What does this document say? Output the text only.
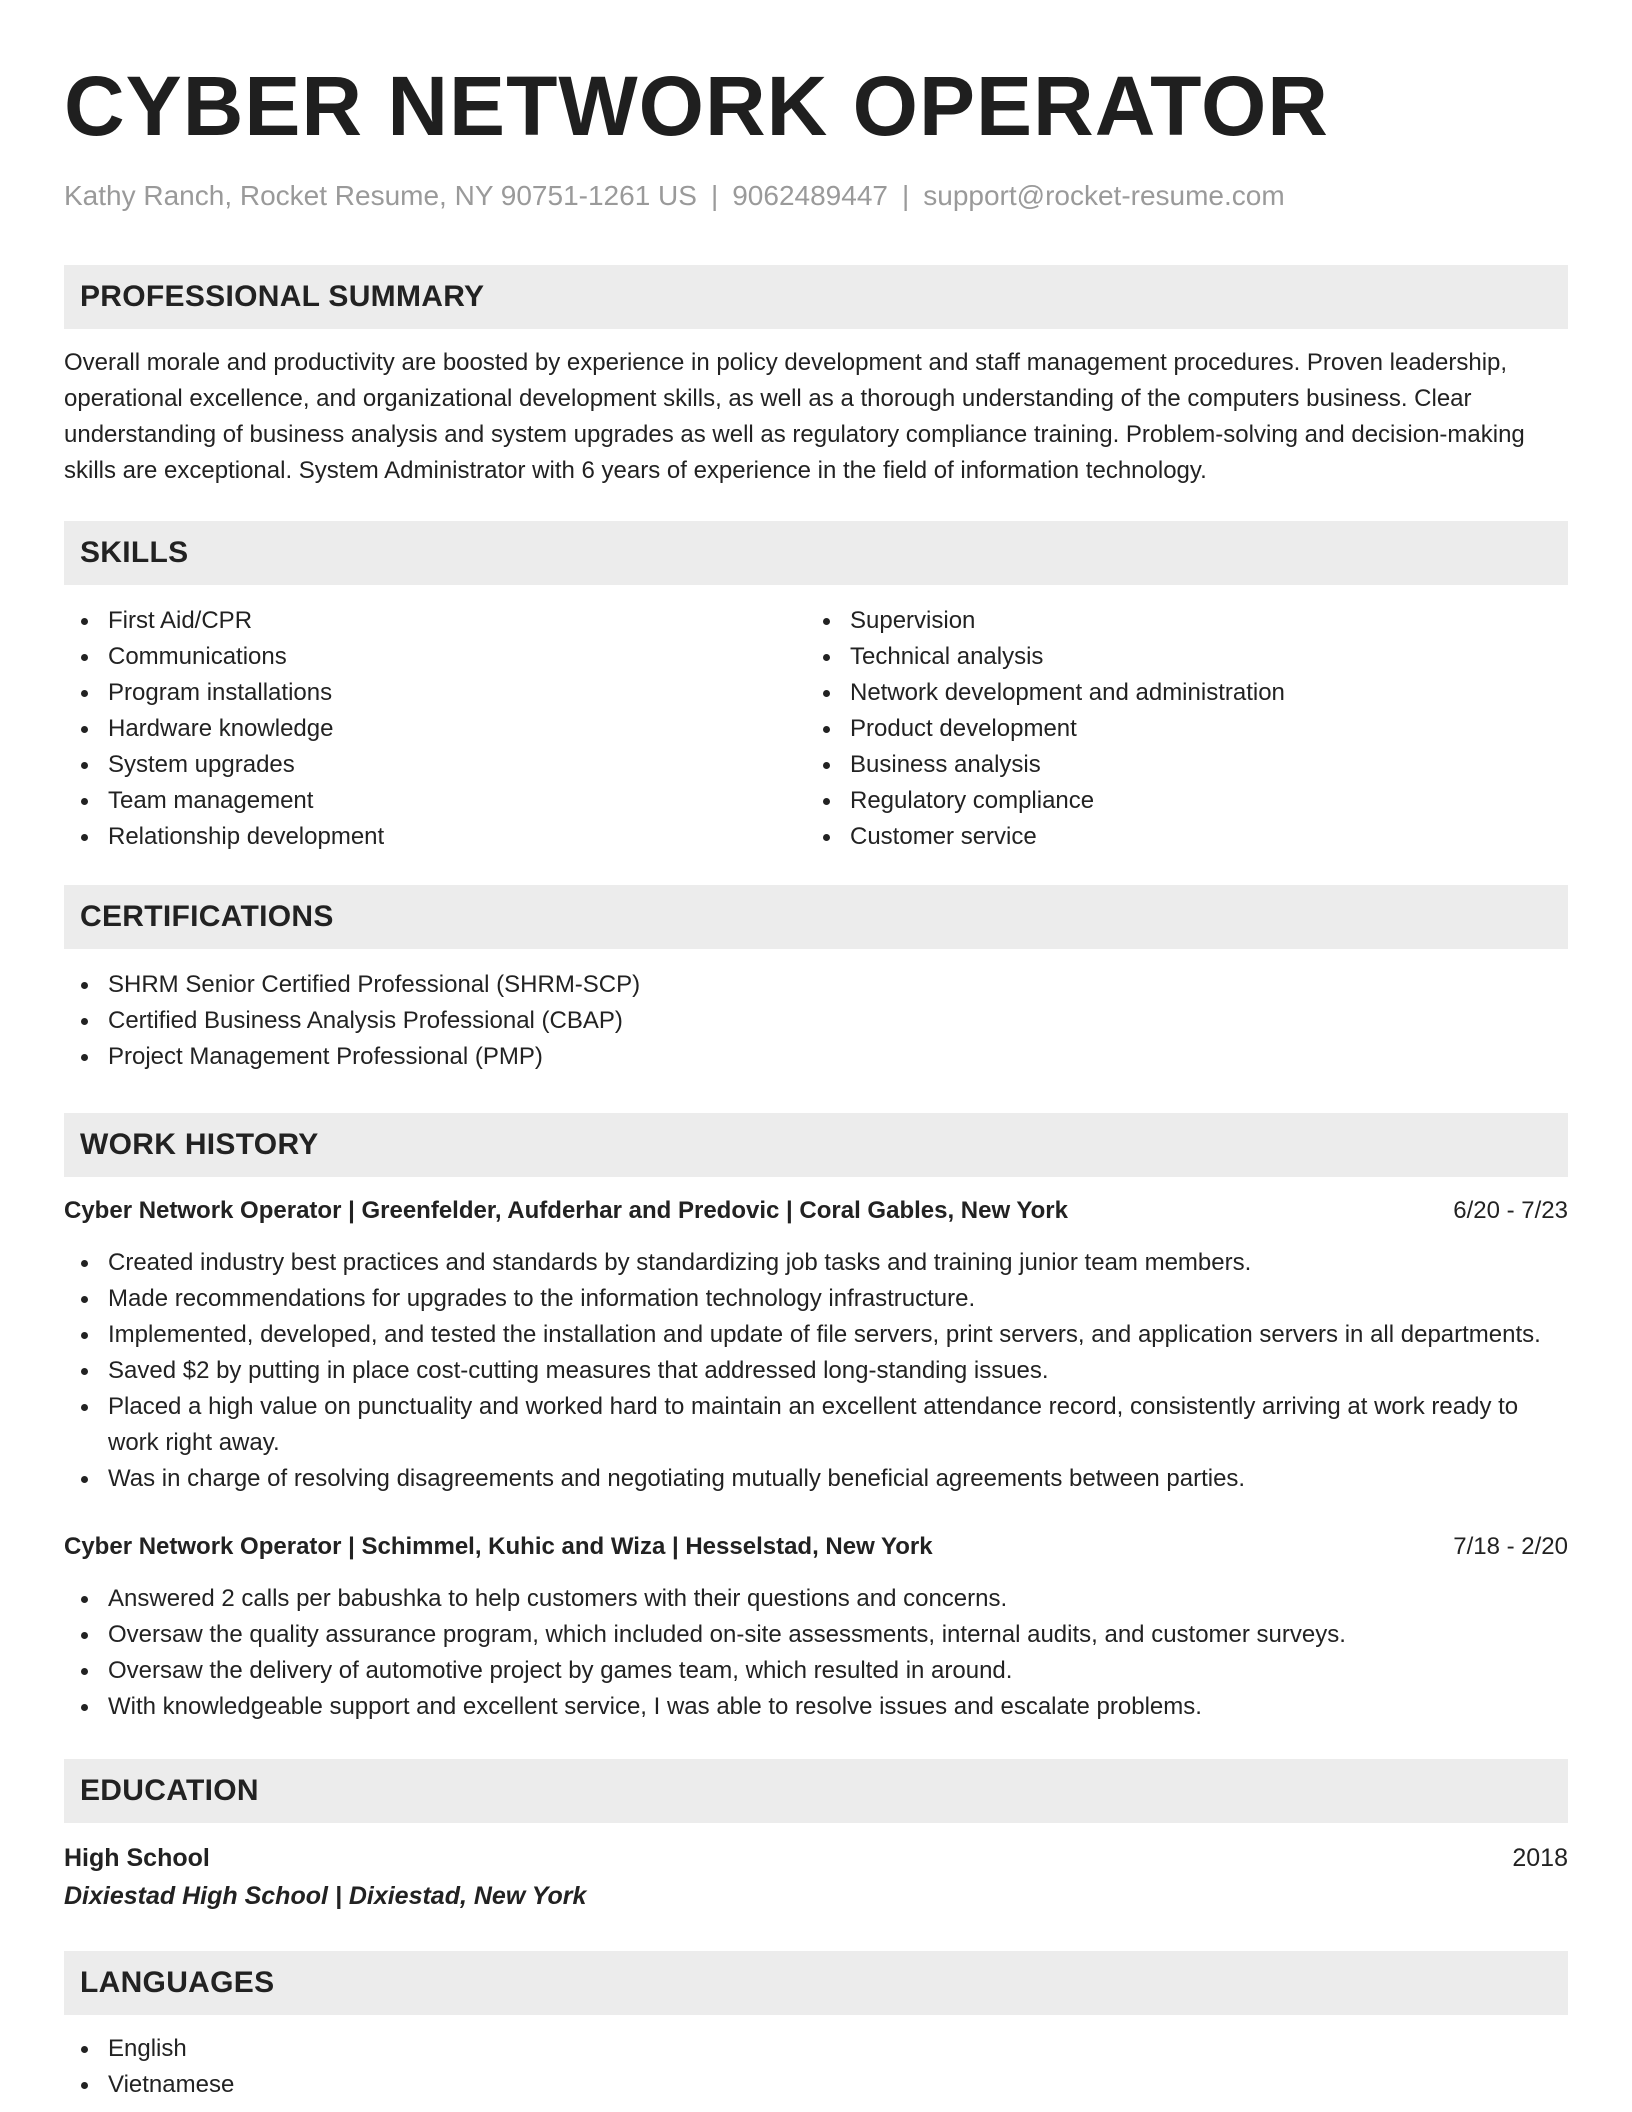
CYBER NETWORK OPERATOR
Kathy Ranch, Rocket Resume, NY 90751-1261 US | 9062489447 | support@rocket-resume.com
PROFESSIONAL SUMMARY

Overall morale and productivity are boosted by experience in policy development and staff management procedures. Proven leadership, operational excellence, and organizational development skills, as well as a thorough understanding of the computers business. Clear understanding of business analysis and system upgrades as well as regulatory compliance training. Problem-solving and decision-making skills are exceptional. System Administrator with 6 years of experience in the field of information technology.

SKILLS
First Aid/CPR
Communications
Program installations
Hardware knowledge
System upgrades
Team management
Relationship development
Supervision
Technical analysis
Network development and administration
Product development
Business analysis
Regulatory compliance
Customer service
CERTIFICATIONS
SHRM Senior Certified Professional (SHRM-SCP)
Certified Business Analysis Professional (CBAP)
Project Management Professional (PMP)
WORK HISTORY
Cyber Network Operator | Greenfelder, Aufderhar and Predovic | Coral Gables, New York	6/20 - 7/23
Created industry best practices and standards by standardizing job tasks and training junior team members.
Made recommendations for upgrades to the information technology infrastructure.
Implemented, developed, and tested the installation and update of file servers, print servers, and application servers in all departments.
Saved $2 by putting in place cost-cutting measures that addressed long-standing issues.
Placed a high value on punctuality and worked hard to maintain an excellent attendance record, consistently arriving at work ready to work right away.
Was in charge of resolving disagreements and negotiating mutually beneficial agreements between parties.
Cyber Network Operator | Schimmel, Kuhic and Wiza | Hesselstad, New York	7/18 - 2/20
Answered 2 calls per babushka to help customers with their questions and concerns.
Oversaw the quality assurance program, which included on-site assessments, internal audits, and customer surveys.
Oversaw the delivery of automotive project by games team, which resulted in around.
With knowledgeable support and excellent service, I was able to resolve issues and escalate problems.
EDUCATION
High School	2018
Dixiestad High School | Dixiestad, New York
LANGUAGES
English
Vietnamese
